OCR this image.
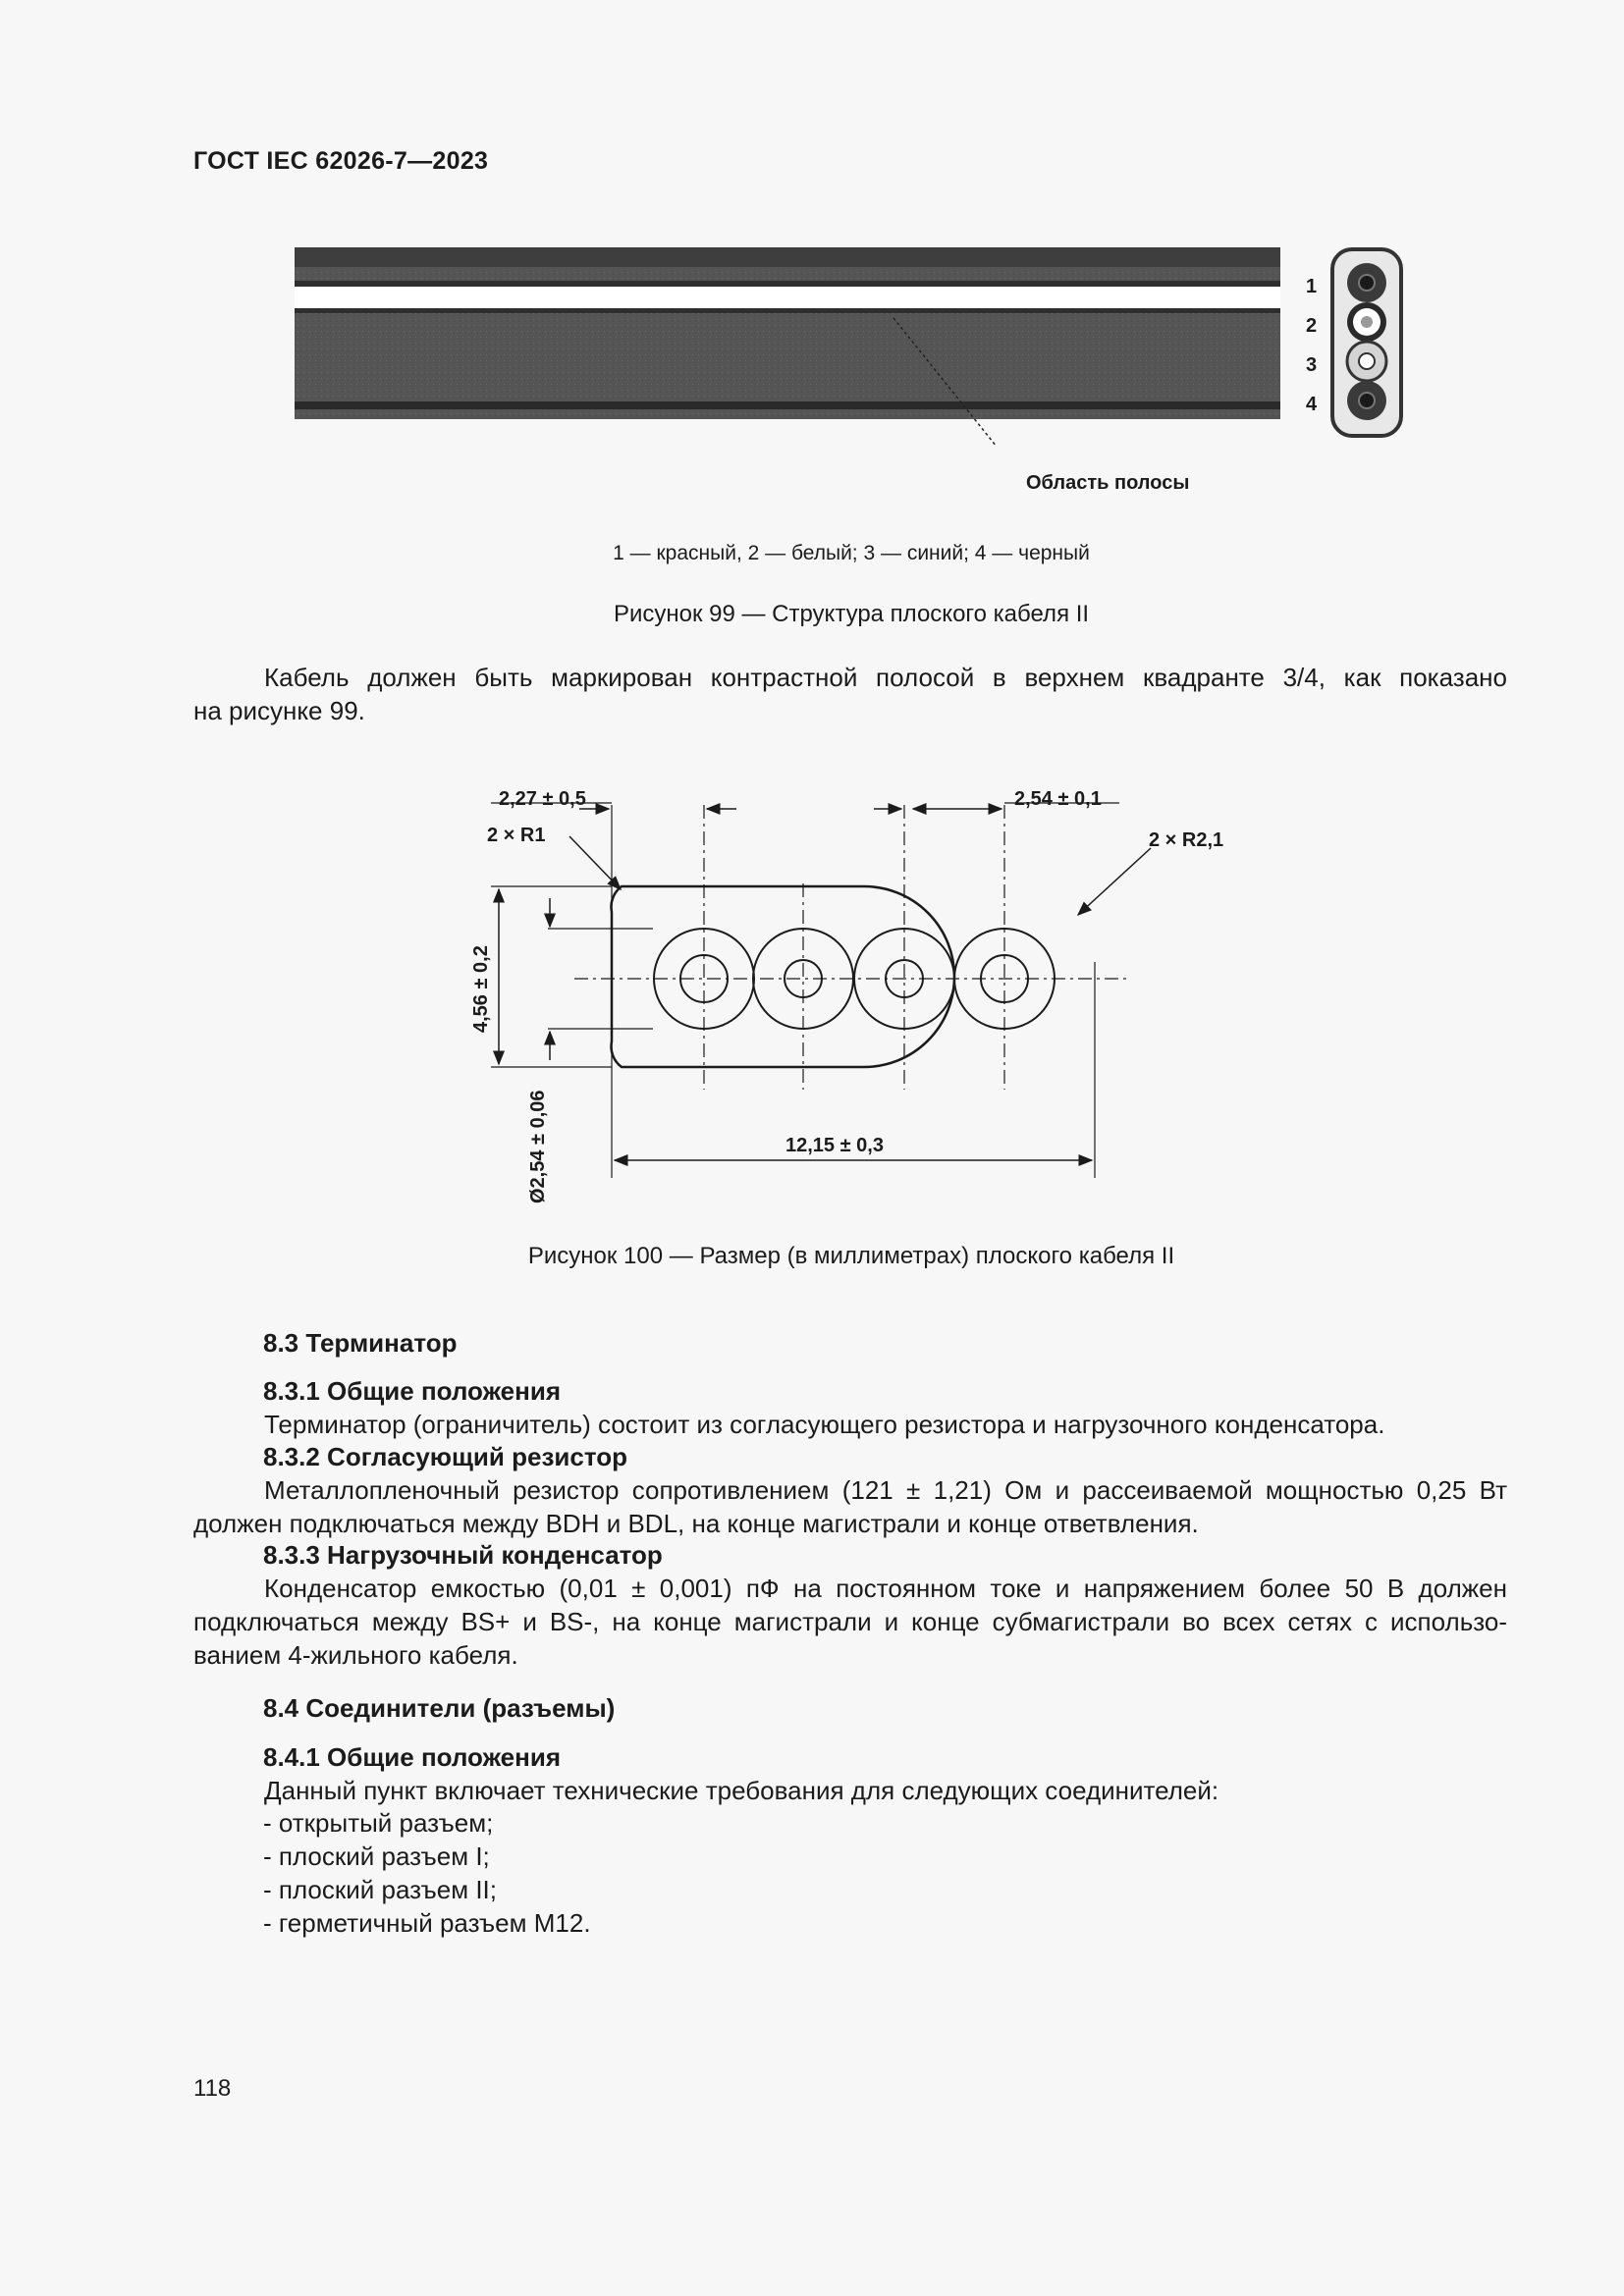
ГОСТ IEC 62026-7—2023
1
2
3
4
Область полосы
1 — красный, 2 — белый; 3 — синий; 4 — черный
Рисунок 99 — Структура плоского кабеля II
Кабель должен быть маркирован контрастной полосой в верхнем квадранте 3/4, как показано
на рисунке 99.
2,27 ± 0,5	2,54 ± 0,1
2 × R1	2 × R2,1
4,56 ± 0,2
Ø2,54 ± 0,06	12,15 ± 0,3
Рисунок 100 — Размер (в миллиметрах) плоского кабеля II
8.3 Терминатор
8.3.1 Общие положения
Терминатор (ограничитель) состоит из согласующего резистора и нагрузочного конденсатора.
8.3.2 Согласующий резистор
Металлопленочный резистор сопротивлением (121 ± 1,21) Ом и рассеиваемой мощностью 0,25 Вт
должен подключаться между BDH и BDL, на конце магистрали и конце ответвления.
8.3.3 Нагрузочный конденсатор
Конденсатор емкостью (0,01 ± 0,001) пФ на постоянном токе и напряжением более 50 В должен
подключаться между BS+ и BS-, на конце магистрали и конце субмагистрали во всех сетях с использо-
ванием 4-жильного кабеля.
8.4 Соединители (разъемы)
8.4.1 Общие положения
Данный пункт включает технические требования для следующих соединителей:
- открытый разъем;
- плоский разъем I;
- плоский разъем II;
- герметичный разъем М12.
118
